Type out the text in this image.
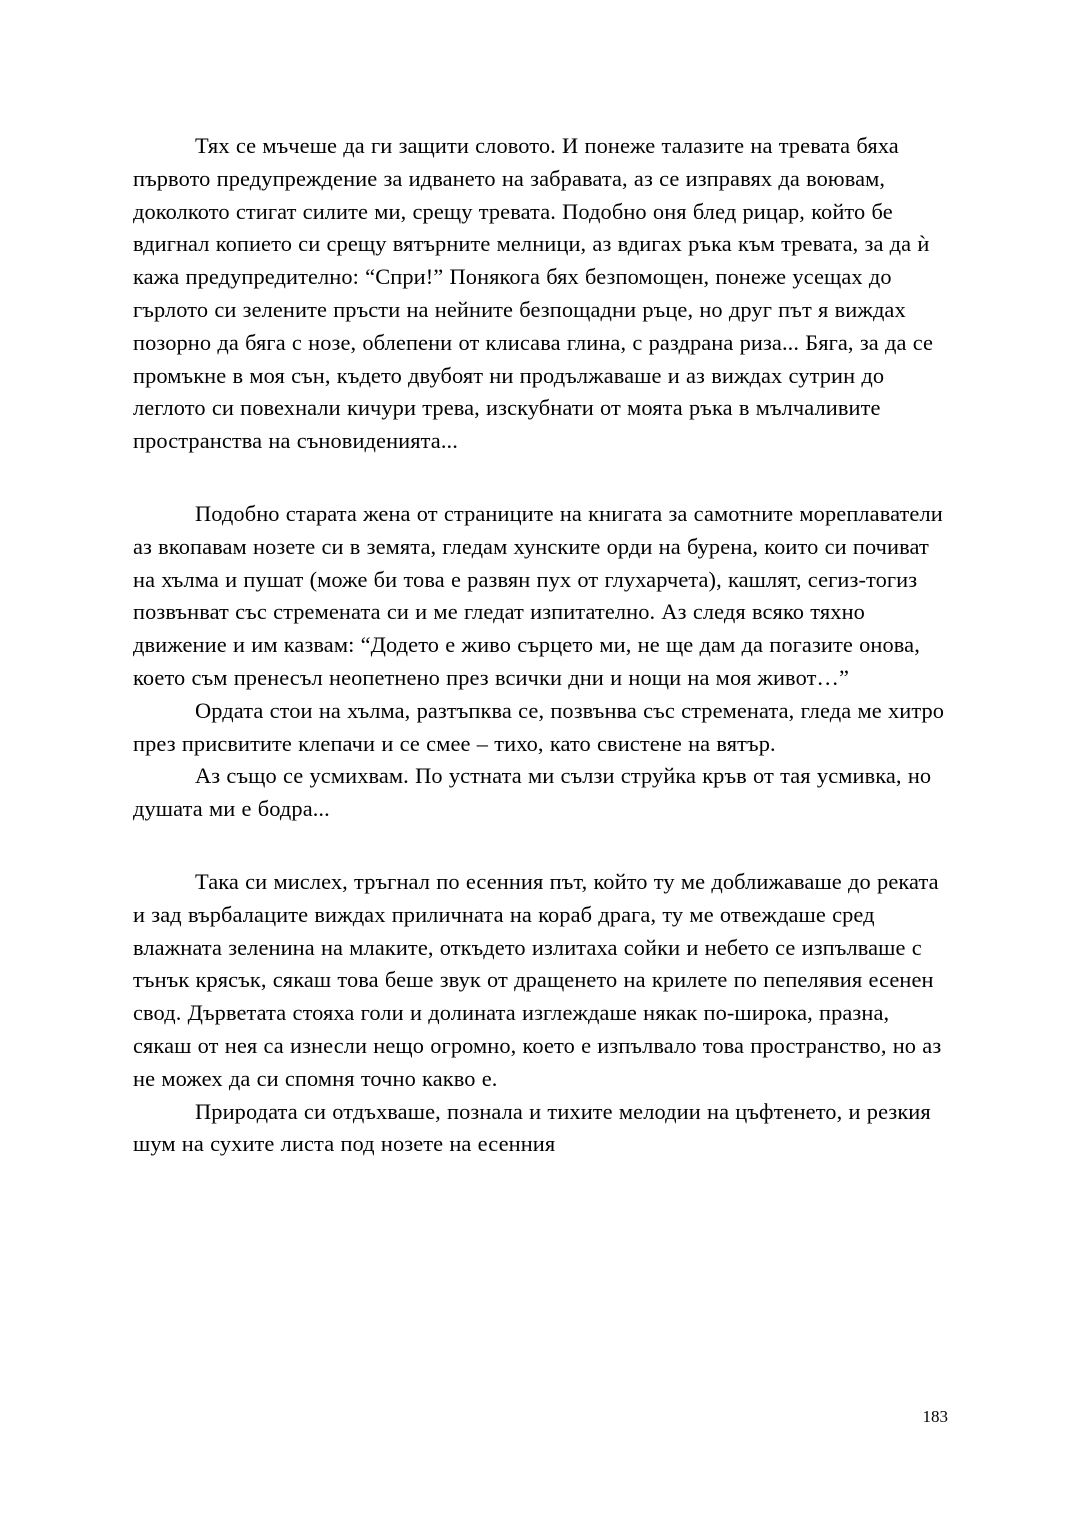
Тях се мъчеше да ги защити словото. И понеже талазите на тревата бяха първото предупреждение за идването на забравата, аз се изправях да воювам, доколкото стигат силите ми, срещу тревата. Подобно оня блед рицар, който бе вдигнал копието си срещу вятърните мелници, аз вдигах ръка към тревата, за да ѝ кажа предупредително: “Спри!” Понякога бях безпомощен, понеже усещах до гърлото си зелените пръсти на нейните безпощадни ръце, но друг път я виждах позорно да бяга с нозе, облепени от клисава глина, с раздрана риза... Бяга, за да се промъкне в моя сън, където двубоят ни продължаваше и аз виждах сутрин до леглото си повехнали кичури трева, изскубнати от моята ръка в мълчаливите пространства на съновиденията...

Подобно старата жена от страниците на книгата за самотните мореплаватели аз вкопавам нозете си в земята, гледам хунските орди на бурена, които си почиват на хълма и пушат (може би това е развян пух от глухарчета), кашлят, сегиз-тогиз позвънват със стремената си и ме гледат изпитателно. Аз следя всяко тяхно движение и им казвам: “Додето е живо сърцето ми, не ще дам да погазите онова, което съм пренесъл неопетнено през всички дни и нощи на моя живот…”

Ордата стои на хълма, разтъпква се, позвънва със стремената, гледа ме хитро през присвитите клепачи и се смее – тихо, като свистене на вятър.

Аз също се усмихвам. По устната ми сълзи струйка кръв от тая усмивка, но душата ми е бодра...

Така си мислех, тръгнал по есенния път, който ту ме доближаваше до реката и зад върбалаците виждах приличната на кораб драга, ту ме отвеждаше сред влажната зеленина на млаките, откъдето излитаха сойки и небето се изпълваше с тънък крясък, сякаш това беше звук от дращенето на крилете по пепелявия есенен свод. Дърветата стояха голи и долината изглеждаше някак по-широка, празна, сякаш от нея са изнесли нещо огромно, което е изпълвало това пространство, но аз не можех да си спомня точно какво е.

Природата си отдъхваше, познала и тихите мелодии на цъфтенето, и резкия шум на сухите листа под нозете на есенния

183
